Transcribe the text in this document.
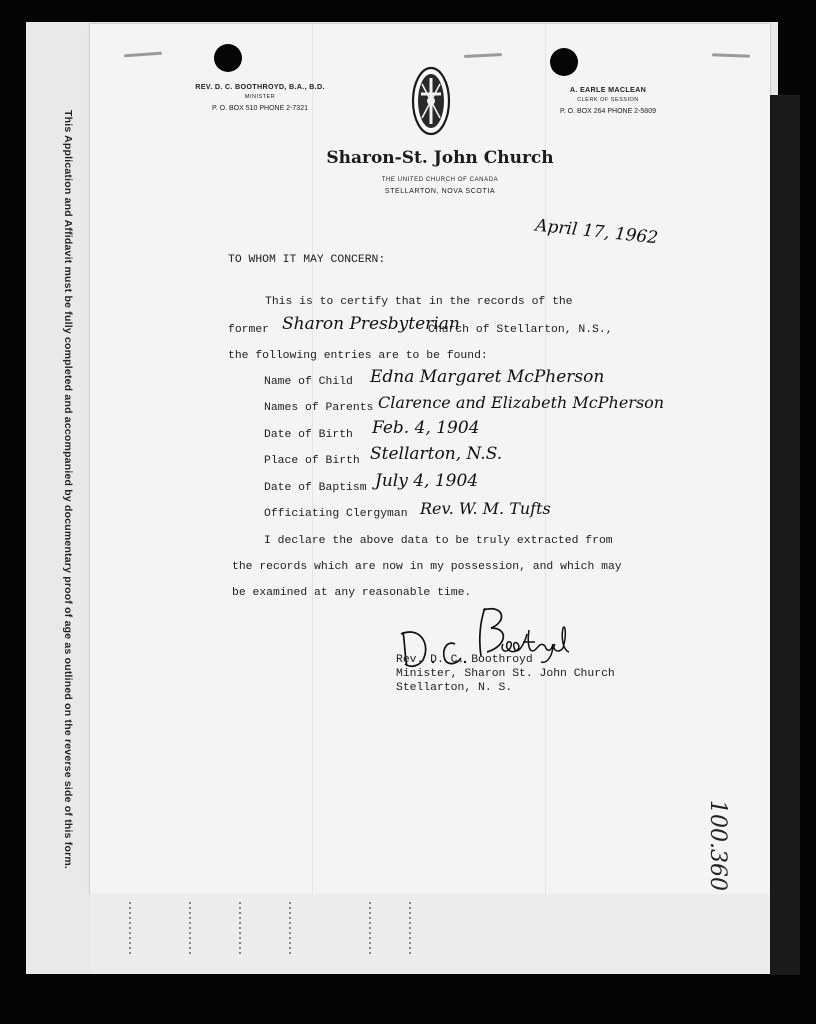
This Application and Affidavit must be fully completed and accompanied by documentary proof of age as outlined on the reverse side of this form.
REV. D. C. BOOTHROYD, B.A., B.D.
MINISTER
P. O. BOX 510 PHONE 2-7321
A. EARLE MACLEAN
CLERK OF SESSION
P. O. BOX 264 PHONE 2-5809
Sharon-St. John Church
THE UNITED CHURCH OF CANADA
STELLARTON, NOVA SCOTIA
April 17, 1962
TO WHOM IT MAY CONCERN:
This is to certify that in the records of the
former Sharon Presbyterian
Church of Stellarton, N.S.,
the following entries are to be found:
Name of Child Edna Margaret McPherson
Names of Parents Clarence and Elizabeth McPherson
Date of Birth Feb. 4, 1904
Place of Birth Stellarton, N.S.
Date of Baptism July 4, 1904
Officiating Clergyman Rev. W. M. Tufts
I declare the above data to be truly extracted from
the records which are now in my possession, and which may
be examined at any reasonable time.
Rev. D. C. Boothroyd
Minister, Sharon St. John Church
Stellarton, N. S.
100.360
